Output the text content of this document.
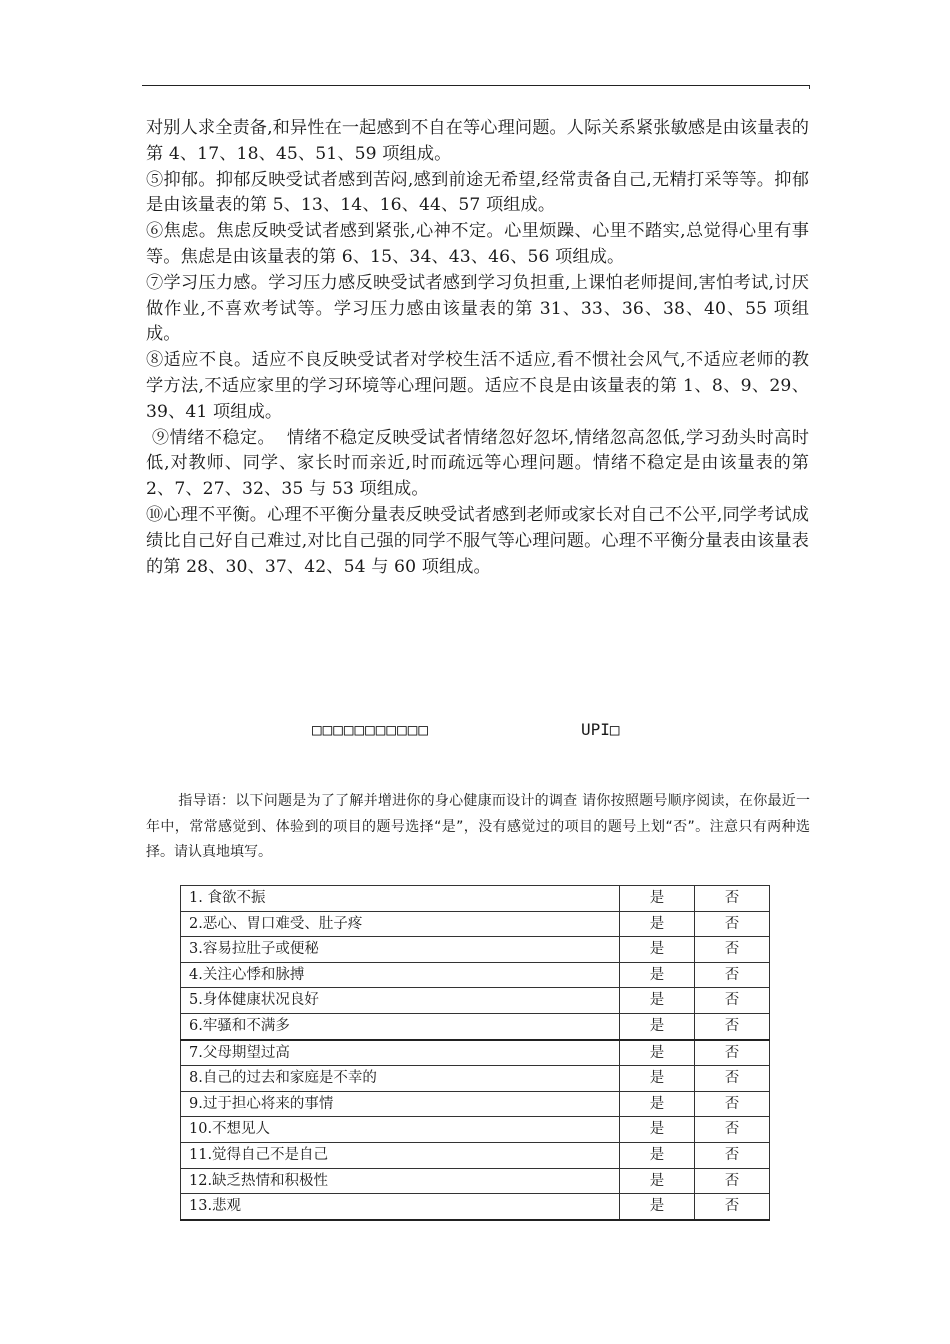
对别人求全责备,和异性在一起感到不自在等心理问题。人际关系紧张敏感是由该量表的第 4、17、18、45、51、59 项组成。

⑤抑郁。抑郁反映受试者感到苦闷,感到前途无希望,经常责备自己,无精打采等等。抑郁是由该量表的第 5、13、14、16、44、57 项组成。

⑥焦虑。焦虑反映受试者感到紧张,心神不定。心里烦躁、心里不踏实,总觉得心里有事等。焦虑是由该量表的第 6、15、34、43、46、56 项组成。

⑦学习压力感。学习压力感反映受试者感到学习负担重,上课怕老师提间,害怕考试,讨厌做作业,不喜欢考试等。学习压力感由该量表的第 31、33、36、38、40、55 项组成。

⑧适应不良。适应不良反映受试者对学校生活不适应,看不惯社会风气,不适应老师的教学方法,不适应家里的学习环境等心理问题。适应不良是由该量表的第 1、8、9、29、39、41 项组成。

⑨情绪不稳定。  情绪不稳定反映受试者情绪忽好忽坏,情绪忽高忽低,学习劲头时高时低,对教师、同学、家长时而亲近,时而疏远等心理问题。情绪不稳定是由该量表的第 2、7、27、32、35 与 53 项组成。

⑩心理不平衡。心理不平衡分量表反映受试者感到老师或家长对自己不公平,同学考试成绩比自己好自己难过,对比自己强的同学不服气等心理问题。心理不平衡分量表由该量表的第 28、30、37、42、54 与 60 项组成。

□□□□□□□□□□□	UPI□
指导语：以下问题是为了了解并增进你的身心健康而设计的调查 请你按照题号顺序阅读，在你最近一年中，常常感觉到、体验到的项目的题号选择“是”，没有感觉过的项目的题号上划“否”。注意只有两种选择。请认真地填写。
1. 食欲不振	是	否
2.恶心、胃口难受、肚子疼	是	否
3.容易拉肚子或便秘	是	否
4.关注心悸和脉搏	是	否
5.身体健康状况良好	是	否
6.牢骚和不满多	是	否
7.父母期望过高	是	否
8.自己的过去和家庭是不幸的	是	否
9.过于担心将来的事情	是	否
10.不想见人	是	否
11.觉得自己不是自己	是	否
12.缺乏热情和积极性	是	否
13.悲观	是	否
